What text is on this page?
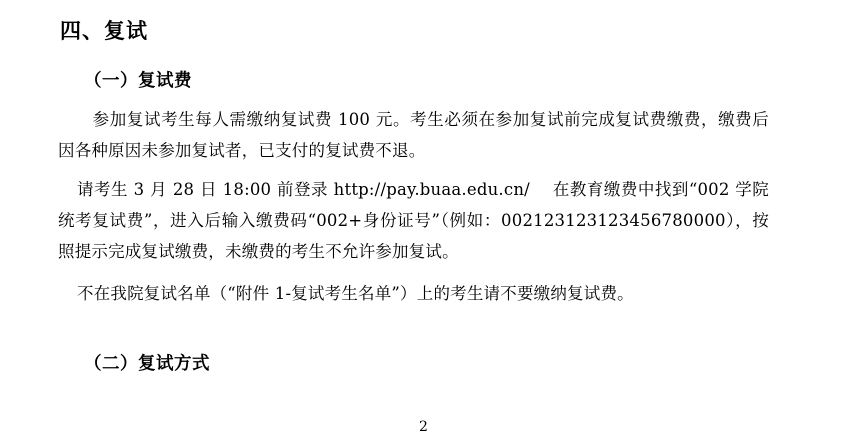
四、复试
（一）复试费

参加复试考生每人需缴纳复试费 100 元。考生必须在参加复试前完成复试费缴费，缴费后因各种原因未参加复试者，已支付的复试费不退。

请考生 3 月 28 日 18:00 前登录 http://pay.buaa.edu.cn/　 在教育缴费中找到“002 学院统考复试费”，进入后输入缴费码“002+身份证号”（例如：002123123123456780000），按照提示完成复试缴费，未缴费的考生不允许参加复试。

不在我院复试名单（“附件 1-复试考生名单”）上的考生请不要缴纳复试费。

（二）复试方式
2
